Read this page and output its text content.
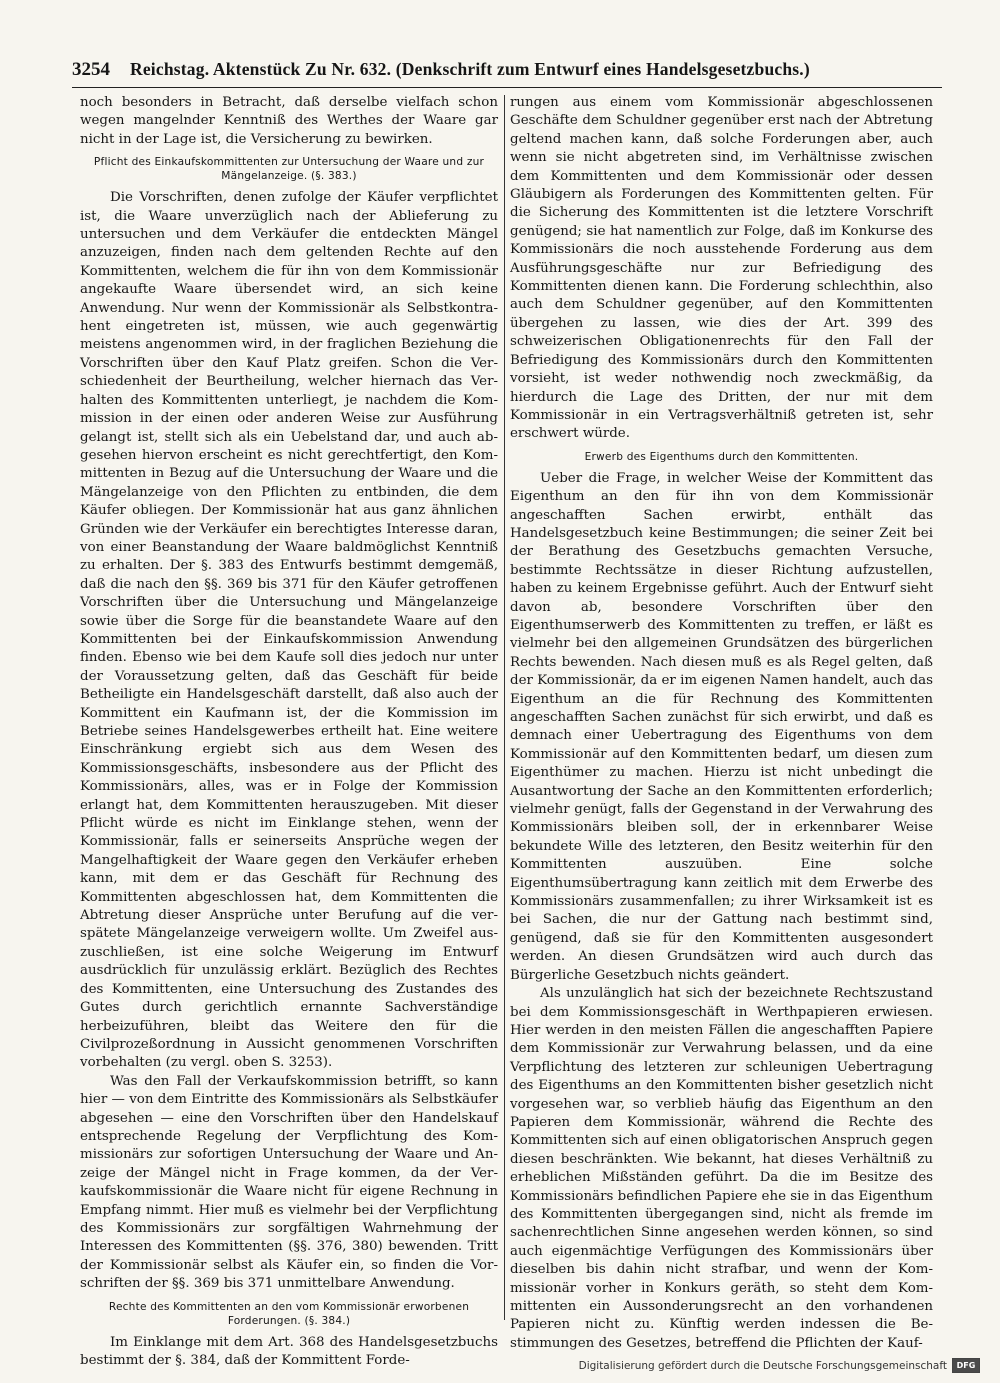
3254 Reichstag. Aktenstück Zu Nr. 632. (Denkschrift zum Entwurf eines Handelsgesetzbuchs.)

noch besonders in Betracht, daß derselbe vielfach schon wegen mangelnder Kenntniß des Werthes der Waare gar nicht in der Lage ist, die Versicherung zu bewirken.

Pflicht des Einkaufskommittenten zur Untersuchung der Waare und zur Mängelanzeige. (§. 383.)

Die Vorschriften, denen zufolge der Käufer verpflichtet ist, die Waare unverzüglich nach der Ablieferung zu untersuchen und dem Verkäufer die entdeckten Mängel anzuzeigen, finden nach dem geltenden Rechte auf den Kommittenten, welchem die für ihn von dem Kommissionär angekaufte Waare übersendet wird, an sich keine Anwendung. Nur wenn der Kommissionär als Selbstkontrahent eingetreten ist, müssen, wie auch gegenwärtig meistens angenommen wird, in der fraglichen Beziehung die Vorschriften über den Kauf Platz greifen. Schon die Verschiedenheit der Beurtheilung, welcher hiernach das Verhalten des Kommittenten unterliegt, je nachdem die Kommission in der einen oder anderen Weise zur Ausführung gelangt ist, stellt sich als ein Uebelstand dar, und auch abgesehen hiervon erscheint es nicht gerechtfertigt, den Kommittenten in Bezug auf die Untersuchung der Waare und die Mängelanzeige von den Pflichten zu entbinden, die dem Käufer obliegen. Der Kommissionär hat aus ganz ähnlichen Gründen wie der Verkäufer ein berechtigtes Interesse daran, von einer Beanstandung der Waare baldmöglichst Kenntniß zu erhalten. Der §. 383 des Entwurfs bestimmt demgemäß, daß die nach den §§. 369 bis 371 für den Käufer getroffenen Vorschriften über die Untersuchung und Mängelanzeige sowie über die Sorge für die beanstandete Waare auf den Kommittenten bei der Einkaufskommission Anwendung finden. Ebenso wie bei dem Kaufe soll dies jedoch nur unter der Voraussetzung gelten, daß das Geschäft für beide Betheiligte ein Handelsgeschäft darstellt, daß also auch der Kommittent ein Kaufmann ist, der die Kommission im Betriebe seines Handelsgewerbes ertheilt hat. Eine weitere Einschränkung ergiebt sich aus dem Wesen des Kommissionsgeschäfts, insbesondere aus der Pflicht des Kommissionärs, alles, was er in Folge der Kommission erlangt hat, dem Kommittenten herauszugeben. Mit dieser Pflicht würde es nicht im Einklange stehen, wenn der Kommissionär, falls er seinerseits Ansprüche wegen der Mangelhaftigkeit der Waare gegen den Verkäufer erheben kann, mit dem er das Geschäft für Rechnung des Kommittenten abgeschlossen hat, dem Kommittenten die Abtretung dieser Ansprüche unter Berufung auf die verspätete Mängelanzeige verweigern wollte. Um Zweifel auszuschließen, ist eine solche Weigerung im Entwurf ausdrücklich für unzulässig erklärt. Bezüglich des Rechtes des Kommittenten, eine Untersuchung des Zustandes des Gutes durch gerichtlich ernannte Sachverständige herbeizuführen, bleibt das Weitere den für die Civilprozeßordnung in Aussicht genommenen Vorschriften vorbehalten (zu vergl. oben S. 3253).

Was den Fall der Verkaufskommission betrifft, so kann hier — von dem Eintritte des Kommissionärs als Selbstkäufer abgesehen — eine den Vorschriften über den Handelskauf entsprechende Regelung der Verpflichtung des Kommissionärs zur sofortigen Untersuchung der Waare und Anzeige der Mängel nicht in Frage kommen, da der Verkaufskommissionär die Waare nicht für eigene Rechnung in Empfang nimmt. Hier muß es vielmehr bei der Verpflichtung des Kommissionärs zur sorgfältigen Wahrnehmung der Interessen des Kommittenten (§§. 376, 380) bewenden. Tritt der Kommissionär selbst als Käufer ein, so finden die Vorschriften der §§. 369 bis 371 unmittelbare Anwendung.

Rechte des Kommittenten an den vom Kommissionär erworbenen Forderungen. (§. 384.)

Im Einklange mit dem Art. 368 des Handelsgesetzbuchs bestimmt der §. 384, daß der Kommittent Forde-

rungen aus einem vom Kommissionär abgeschlossenen Geschäfte dem Schuldner gegenüber erst nach der Abtretung geltend machen kann, daß solche Forderungen aber, auch wenn sie nicht abgetreten sind, im Verhältnisse zwischen dem Kommittenten und dem Kommissionär oder dessen Gläubigern als Forderungen des Kommittenten gelten. Für die Sicherung des Kommittenten ist die letztere Vorschrift genügend; sie hat namentlich zur Folge, daß im Konkurse des Kommissionärs die noch ausstehende Forderung aus dem Ausführungsgeschäfte nur zur Befriedigung des Kommittenten dienen kann. Die Forderung schlechthin, also auch dem Schuldner gegenüber, auf den Kommittenten übergehen zu lassen, wie dies der Art. 399 des schweizerischen Obligationenrechts für den Fall der Befriedigung des Kommissionärs durch den Kommittenten vorsieht, ist weder nothwendig noch zweckmäßig, da hierdurch die Lage des Dritten, der nur mit dem Kommissionär in ein Vertragsverhältniß getreten ist, sehr erschwert würde.

Erwerb des Eigenthums durch den Kommittenten.

Ueber die Frage, in welcher Weise der Kommittent das Eigenthum an den für ihn von dem Kommissionär angeschafften Sachen erwirbt, enthält das Handelsgesetzbuch keine Bestimmungen; die seiner Zeit bei der Berathung des Gesetzbuchs gemachten Versuche, bestimmte Rechtssätze in dieser Richtung aufzustellen, haben zu keinem Ergebnisse geführt. Auch der Entwurf sieht davon ab, besondere Vorschriften über den Eigenthumserwerb des Kommittenten zu treffen, er läßt es vielmehr bei den allgemeinen Grundsätzen des bürgerlichen Rechts bewenden. Nach diesen muß es als Regel gelten, daß der Kommissionär, da er im eigenen Namen handelt, auch das Eigenthum an die für Rechnung des Kommittenten angeschafften Sachen zunächst für sich erwirbt, und daß es demnach einer Uebertragung des Eigenthums von dem Kommissionär auf den Kommittenten bedarf, um diesen zum Eigenthümer zu machen. Hierzu ist nicht unbedingt die Ausantwortung der Sache an den Kommittenten erforderlich; vielmehr genügt, falls der Gegenstand in der Verwahrung des Kommissionärs bleiben soll, der in erkennbarer Weise bekundete Wille des letzteren, den Besitz weiterhin für den Kommittenten auszuüben. Eine solche Eigenthumsübertragung kann zeitlich mit dem Erwerbe des Kommissionärs zusammenfallen; zu ihrer Wirksamkeit ist es bei Sachen, die nur der Gattung nach bestimmt sind, genügend, daß sie für den Kommittenten ausgesondert werden. An diesen Grundsätzen wird auch durch das Bürgerliche Gesetzbuch nichts geändert.

Als unzulänglich hat sich der bezeichnete Rechtszustand bei dem Kommissionsgeschäft in Werthpapieren erwiesen. Hier werden in den meisten Fällen die angeschafften Papiere dem Kommissionär zur Verwahrung belassen, und da eine Verpflichtung des letzteren zur schleunigen Uebertragung des Eigenthums an den Kommittenten bisher gesetzlich nicht vorgesehen war, so verblieb häufig das Eigenthum an den Papieren dem Kommissionär, während die Rechte des Kommittenten sich auf einen obligatorischen Anspruch gegen diesen beschränkten. Wie bekannt, hat dieses Verhältniß zu erheblichen Mißständen geführt. Da die im Besitze des Kommissionärs befindlichen Papiere ehe sie in das Eigenthum des Kommittenten übergegangen sind, nicht als fremde im sachenrechtlichen Sinne angesehen werden können, so sind auch eigenmächtige Verfügungen des Kommissionärs über dieselben bis dahin nicht strafbar, und wenn der Kommissionär vorher in Konkurs geräth, so steht dem Kommittenten ein Aussonderungsrecht an den vorhandenen Papieren nicht zu. Künftig werden indessen die Bestimmungen des Gesetzes, betreffend die Pflichten der Kauf-

Digitalisierung gefördert durch die Deutsche Forschungsgemeinschaft	DFG
